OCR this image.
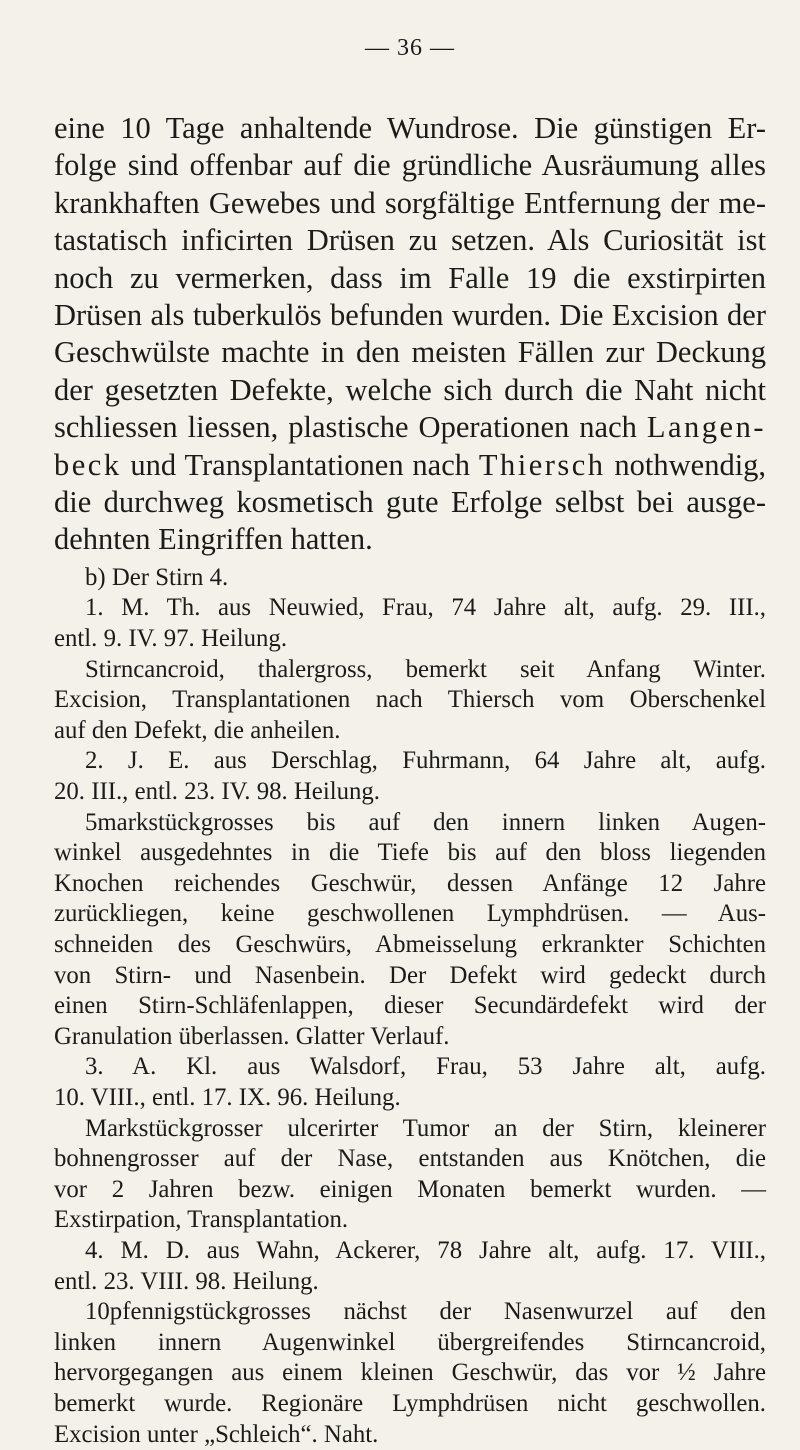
— 36 —
eine 10 Tage anhaltende Wundrose. Die günstigen Er-
folge sind offenbar auf die gründliche Ausräumung alles
krankhaften Gewebes und sorgfältige Entfernung der me-
tastatisch inficirten Drüsen zu setzen. Als Curiosität ist
noch zu vermerken, dass im Falle 19 die exstirpirten
Drüsen als tuberkulös befunden wurden. Die Excision der
Geschwülste machte in den meisten Fällen zur Deckung
der gesetzten Defekte, welche sich durch die Naht nicht
schliessen liessen, plastische Operationen nach Langen-
beck und Transplantationen nach Thiersch nothwendig,
die durchweg kosmetisch gute Erfolge selbst bei ausge-
dehnten Eingriffen hatten.
b) Der Stirn 4.
1. M. Th. aus Neuwied, Frau, 74 Jahre alt, aufg. 29. III.,
entl. 9. IV. 97. Heilung.
Stirncancroid, thalergross, bemerkt seit Anfang Winter.
Excision, Transplantationen nach Thiersch vom Oberschenkel
auf den Defekt, die anheilen.
2. J. E. aus Derschlag, Fuhrmann, 64 Jahre alt, aufg.
20. III., entl. 23. IV. 98. Heilung.
5markstückgrosses bis auf den innern linken Augen-
winkel ausgedehntes in die Tiefe bis auf den bloss liegenden
Knochen reichendes Geschwür, dessen Anfänge 12 Jahre
zurückliegen, keine geschwollenen Lymphdrüsen. — Aus-
schneiden des Geschwürs, Abmeisselung erkrankter Schichten
von Stirn- und Nasenbein. Der Defekt wird gedeckt durch
einen Stirn-Schläfenlappen, dieser Secundärdefekt wird der
Granulation überlassen. Glatter Verlauf.
3. A. Kl. aus Walsdorf, Frau, 53 Jahre alt, aufg.
10. VIII., entl. 17. IX. 96. Heilung.
Markstückgrosser ulcerirter Tumor an der Stirn, kleinerer
bohnengrosser auf der Nase, entstanden aus Knötchen, die
vor 2 Jahren bezw. einigen Monaten bemerkt wurden. —
Exstirpation, Transplantation.
4. M. D. aus Wahn, Ackerer, 78 Jahre alt, aufg. 17. VIII.,
entl. 23. VIII. 98. Heilung.
10pfennigstückgrosses nächst der Nasenwurzel auf den
linken innern Augenwinkel übergreifendes Stirncancroid,
hervorgegangen aus einem kleinen Geschwür, das vor ½ Jahre
bemerkt wurde. Regionäre Lymphdrüsen nicht geschwollen.
Excision unter „Schleich“. Naht.
